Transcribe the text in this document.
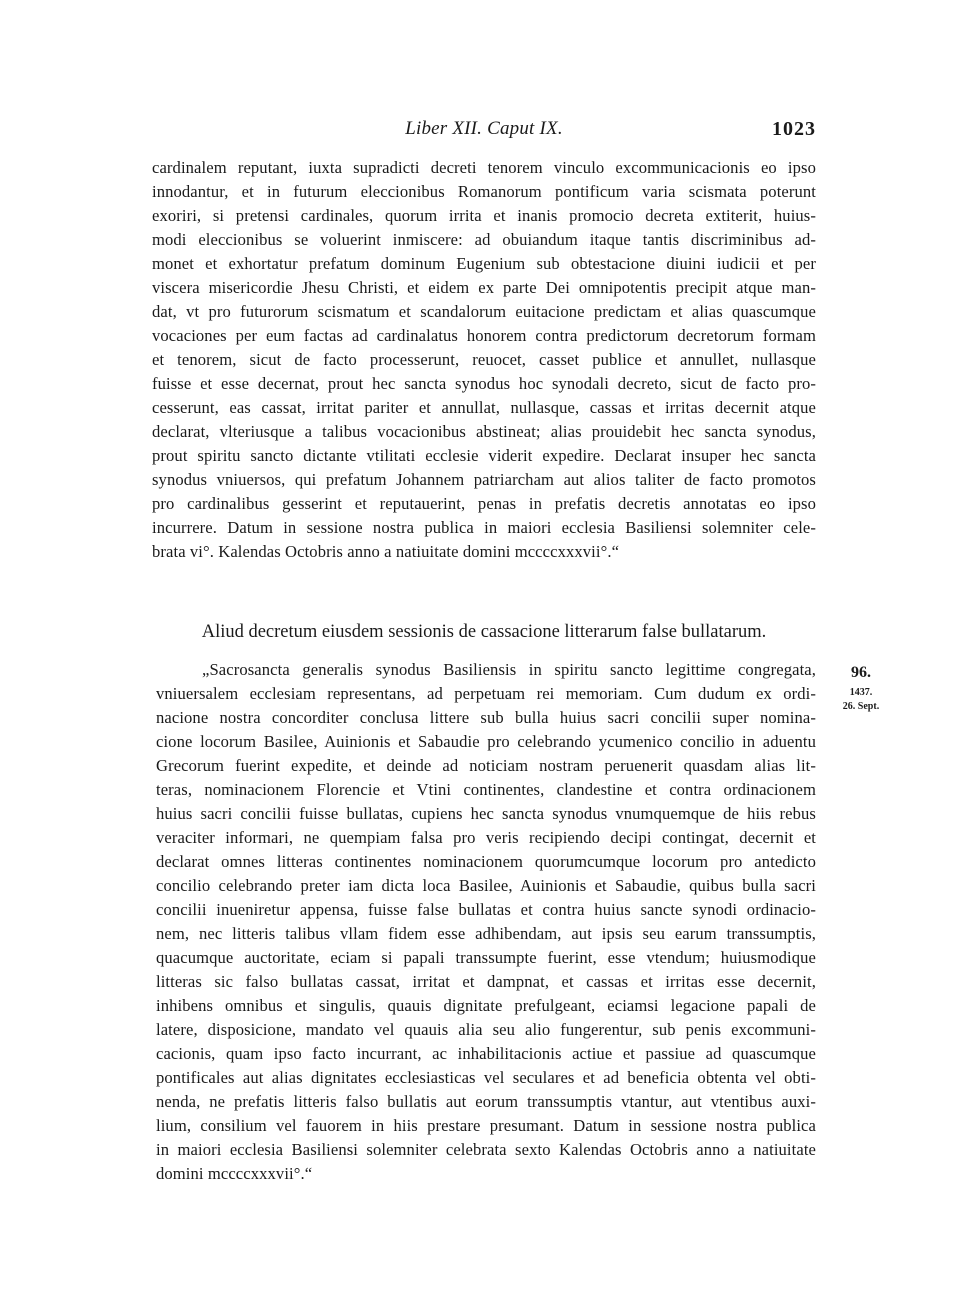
Liber XII. Caput IX.	1023
cardinalem reputant, iuxta supradicti decreti tenorem vinculo excommunicacionis eo ipso
innodantur, et in futurum eleccionibus Romanorum pontificum varia scismata poterunt
exoriri, si pretensi cardinales, quorum irrita et inanis promocio decreta extiterit, huius-
modi eleccionibus se voluerint inmiscere: ad obuiandum itaque tantis discriminibus ad-
monet et exhortatur prefatum dominum Eugenium sub obtestacione diuini iudicii et per
viscera misericordie Jhesu Christi, et eidem ex parte Dei omnipotentis precipit atque man-
dat, vt pro futurorum scismatum et scandalorum euitacione predictam et alias quascumque
vocaciones per eum factas ad cardinalatus honorem contra predictorum decretorum formam
et tenorem, sicut de facto processerunt, reuocet, casset publice et annullet, nullasque
fuisse et esse decernat, prout hec sancta synodus hoc synodali decreto, sicut de facto pro-
cesserunt, eas cassat, irritat pariter et annullat, nullasque, cassas et irritas decernit atque
declarat, vlteriusque a talibus vocacionibus abstineat; alias prouidebit hec sancta synodus,
prout spiritu sancto dictante vtilitati ecclesie viderit expedire. Declarat insuper hec sancta
synodus vniuersos, qui prefatum Johannem patriarcham aut alios taliter de facto promotos
pro cardinalibus gesserint et reputauerint, penas in prefatis decretis annotatas eo ipso
incurrere. Datum in sessione nostra publica in maiori ecclesia Basiliensi solemniter cele-
brata vi°. Kalendas Octobris anno a natiuitate domini mccccxxxvii°.“
Aliud decretum eiusdem sessionis de cassacione litterarum false bullatarum.
96.
1437.
26. Sept.
„Sacrosancta generalis synodus Basiliensis in spiritu sancto legittime congregata,
vniuersalem ecclesiam representans, ad perpetuam rei memoriam. Cum dudum ex ordi-
nacione nostra concorditer conclusa littere sub bulla huius sacri concilii super nomina-
cione locorum Basilee, Auinionis et Sabaudie pro celebrando ycumenico concilio in aduentu
Grecorum fuerint expedite, et deinde ad noticiam nostram peruenerit quasdam alias lit-
teras, nominacionem Florencie et Vtini continentes, clandestine et contra ordinacionem
huius sacri concilii fuisse bullatas, cupiens hec sancta synodus vnumquemque de hiis rebus
veraciter informari, ne quempiam falsa pro veris recipiendo decipi contingat, decernit et
declarat omnes litteras continentes nominacionem quorumcumque locorum pro antedicto
concilio celebrando preter iam dicta loca Basilee, Auinionis et Sabaudie, quibus bulla sacri
concilii inueniretur appensa, fuisse false bullatas et contra huius sancte synodi ordinacio-
nem, nec litteris talibus vllam fidem esse adhibendam, aut ipsis seu earum transsumptis,
quacumque auctoritate, eciam si papali transsumpte fuerint, esse vtendum; huiusmodique
litteras sic falso bullatas cassat, irritat et dampnat, et cassas et irritas esse decernit,
inhibens omnibus et singulis, quauis dignitate prefulgeant, eciamsi legacione papali de
latere, disposicione, mandato vel quauis alia seu alio fungerentur, sub penis excommuni-
cacionis, quam ipso facto incurrant, ac inhabilitacionis actiue et passiue ad quascumque
pontificales aut alias dignitates ecclesiasticas vel seculares et ad beneficia obtenta vel obti-
nenda, ne prefatis litteris falso bullatis aut eorum transsumptis vtantur, aut vtentibus auxi-
lium, consilium vel fauorem in hiis prestare presumant. Datum in sessione nostra publica
in maiori ecclesia Basiliensi solemniter celebrata sexto Kalendas Octobris anno a natiuitate
domini mccccxxxvii°.“
